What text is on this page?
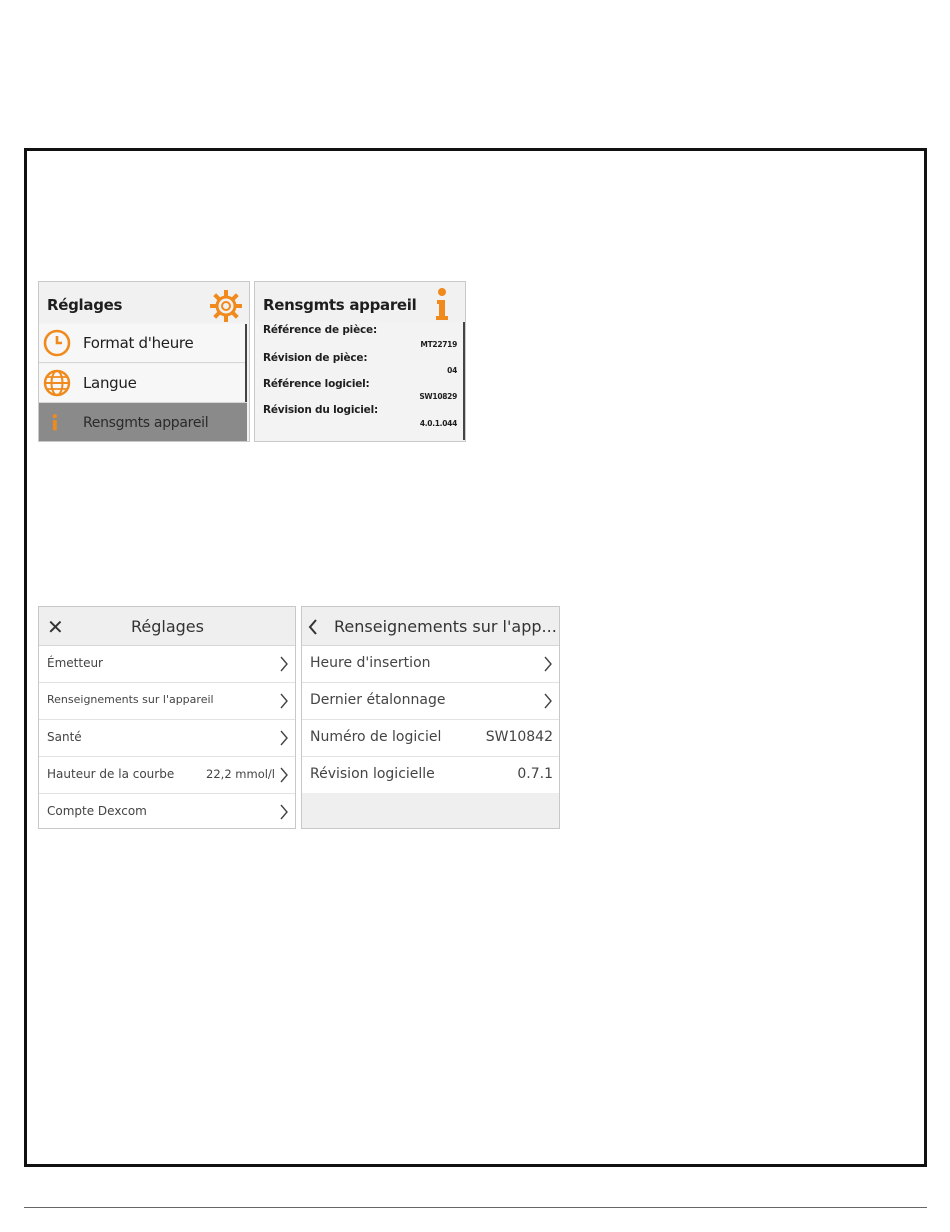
Réglages
Format d'heure
Langue
Rensgmts appareil
Rensgmts appareil
Référence de pièce:
MT22719
Révision de pièce:
04
Référence logiciel:
SW10829
Révision du logiciel:
4.0.1.044
✕	Réglages
Émetteur
Renseignements sur l'appareil
Santé
Hauteur de la courbe	22,2 mmol/l
Compte Dexcom
Renseignements sur l'app...
Heure d'insertion
Dernier étalonnage
Numéro de logiciel	SW10842
Révision logicielle	0.7.1
